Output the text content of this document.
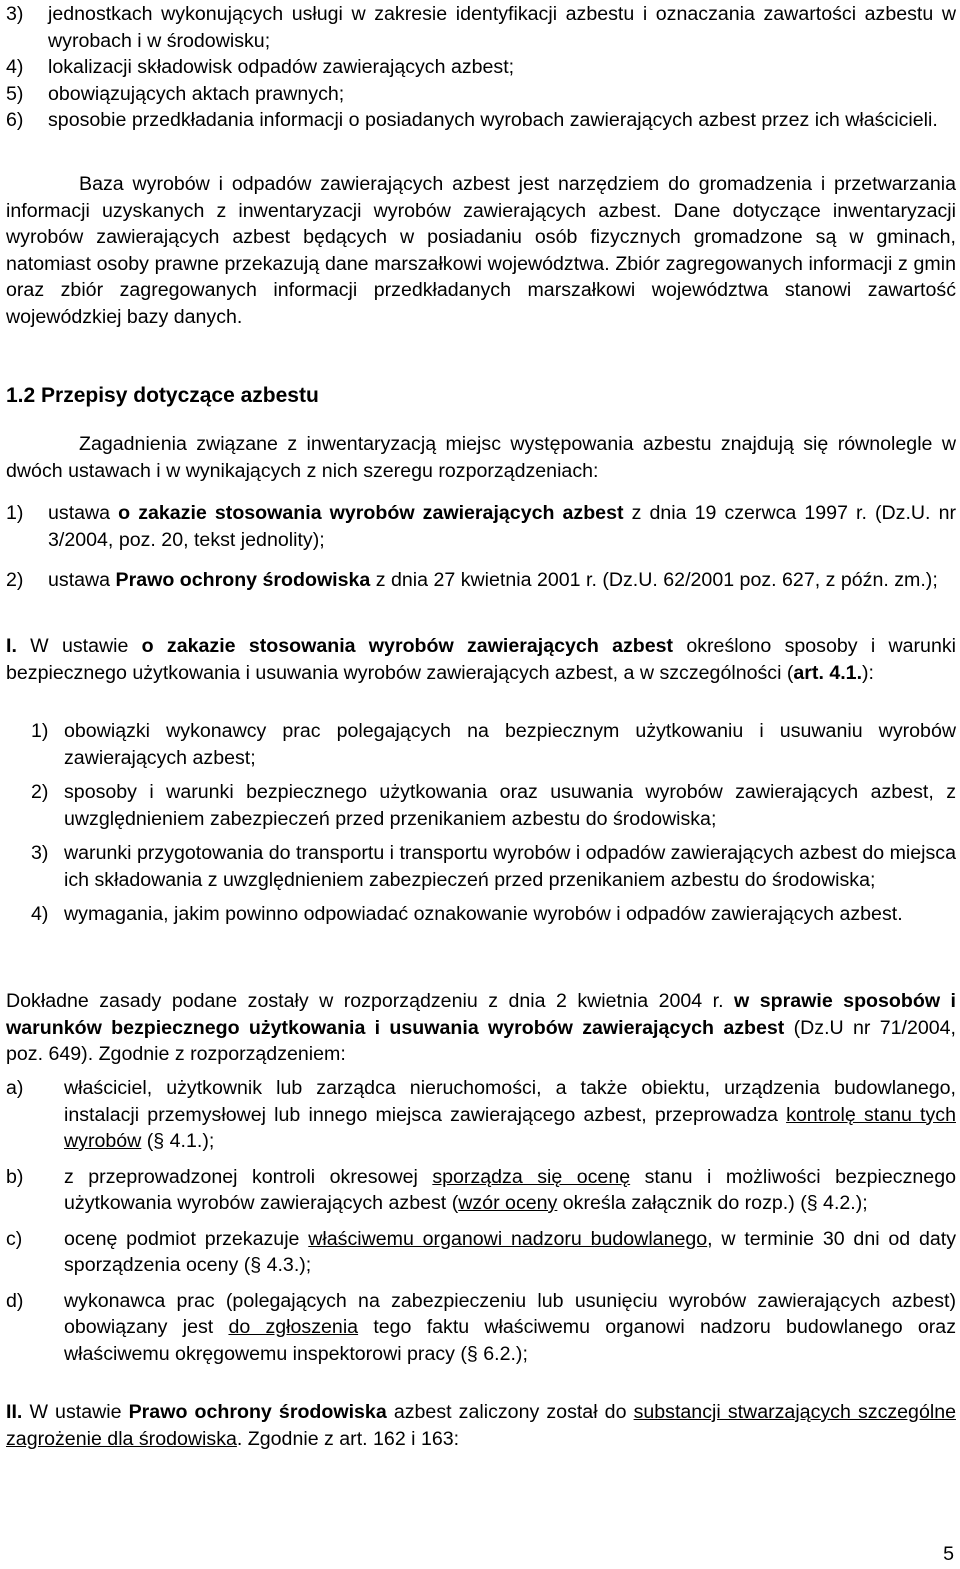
3)	jednostkach wykonujących usługi w zakresie identyfikacji azbestu i oznaczania zawartości azbestu w wyrobach i w środowisku;
4)	lokalizacji składowisk odpadów zawierających azbest;
5)	obowiązujących aktach prawnych;
6)	sposobie przedkładania informacji o posiadanych wyrobach zawierających azbest przez ich właścicieli.

Baza wyrobów i odpadów zawierających azbest jest narzędziem do gromadzenia i przetwarzania informacji uzyskanych z inwentaryzacji wyrobów zawierających azbest. Dane dotyczące inwentaryzacji wyrobów zawierających azbest będących w posiadaniu osób fizycznych gromadzone są w gminach, natomiast osoby prawne przekazują dane marszałkowi województwa. Zbiór zagregowanych informacji z gmin oraz zbiór zagregowanych informacji przedkładanych marszałkowi województwa stanowi zawartość wojewódzkiej bazy danych.

1.2 Przepisy dotyczące azbestu

Zagadnienia związane z inwentaryzacją miejsc występowania azbestu znajdują się równolegle w dwóch ustawach i w wynikających z nich szeregu rozporządzeniach:

1)	ustawa o zakazie stosowania wyrobów zawierających azbest z dnia 19 czerwca 1997 r. (Dz.U. nr 3/2004, poz. 20, tekst jednolity);
2)	ustawa Prawo ochrony środowiska z dnia 27 kwietnia 2001 r. (Dz.U. 62/2001 poz. 627, z późn. zm.);

I. W ustawie o zakazie stosowania wyrobów zawierających azbest określono sposoby i warunki bezpiecznego użytkowania i usuwania wyrobów zawierających azbest, a w szczególności (art. 4.1.):

1) obowiązki wykonawcy prac polegających na bezpiecznym użytkowaniu i usuwaniu wyrobów zawierających azbest;
2) sposoby i warunki bezpiecznego użytkowania oraz usuwania wyrobów zawierających azbest, z uwzględnieniem zabezpieczeń przed przenikaniem azbestu do środowiska;
3) warunki przygotowania do transportu i transportu wyrobów i odpadów zawierających azbest do miejsca ich składowania z uwzględnieniem zabezpieczeń przed przenikaniem azbestu do środowiska;
4) wymagania, jakim powinno odpowiadać oznakowanie wyrobów i odpadów zawierających azbest.

Dokładne zasady podane zostały w rozporządzeniu z dnia 2 kwietnia 2004 r. w sprawie sposobów i warunków bezpiecznego użytkowania i usuwania wyrobów zawierających azbest (Dz.U nr 71/2004, poz. 649). Zgodnie z rozporządzeniem:

a)	właściciel, użytkownik lub zarządca nieruchomości, a także obiektu, urządzenia budowlanego, instalacji przemysłowej lub innego miejsca zawierającego azbest, przeprowadza kontrolę stanu tych wyrobów (§ 4.1.);
b)	z przeprowadzonej kontroli okresowej sporządza się ocenę stanu i możliwości bezpiecznego użytkowania wyrobów zawierających azbest (wzór oceny określa załącznik do rozp.) (§ 4.2.);
c)	ocenę podmiot przekazuje właściwemu organowi nadzoru budowlanego, w terminie 30 dni od daty sporządzenia oceny (§ 4.3.);
d)	wykonawca prac (polegających na zabezpieczeniu lub usunięciu wyrobów zawierających azbest) obowiązany jest do zgłoszenia tego faktu właściwemu organowi nadzoru budowlanego oraz właściwemu okręgowemu inspektorowi pracy (§ 6.2.);

II. W ustawie Prawo ochrony środowiska azbest zaliczony został do substancji stwarzających szczególne zagrożenie dla środowiska. Zgodnie z art. 162 i 163:

5
